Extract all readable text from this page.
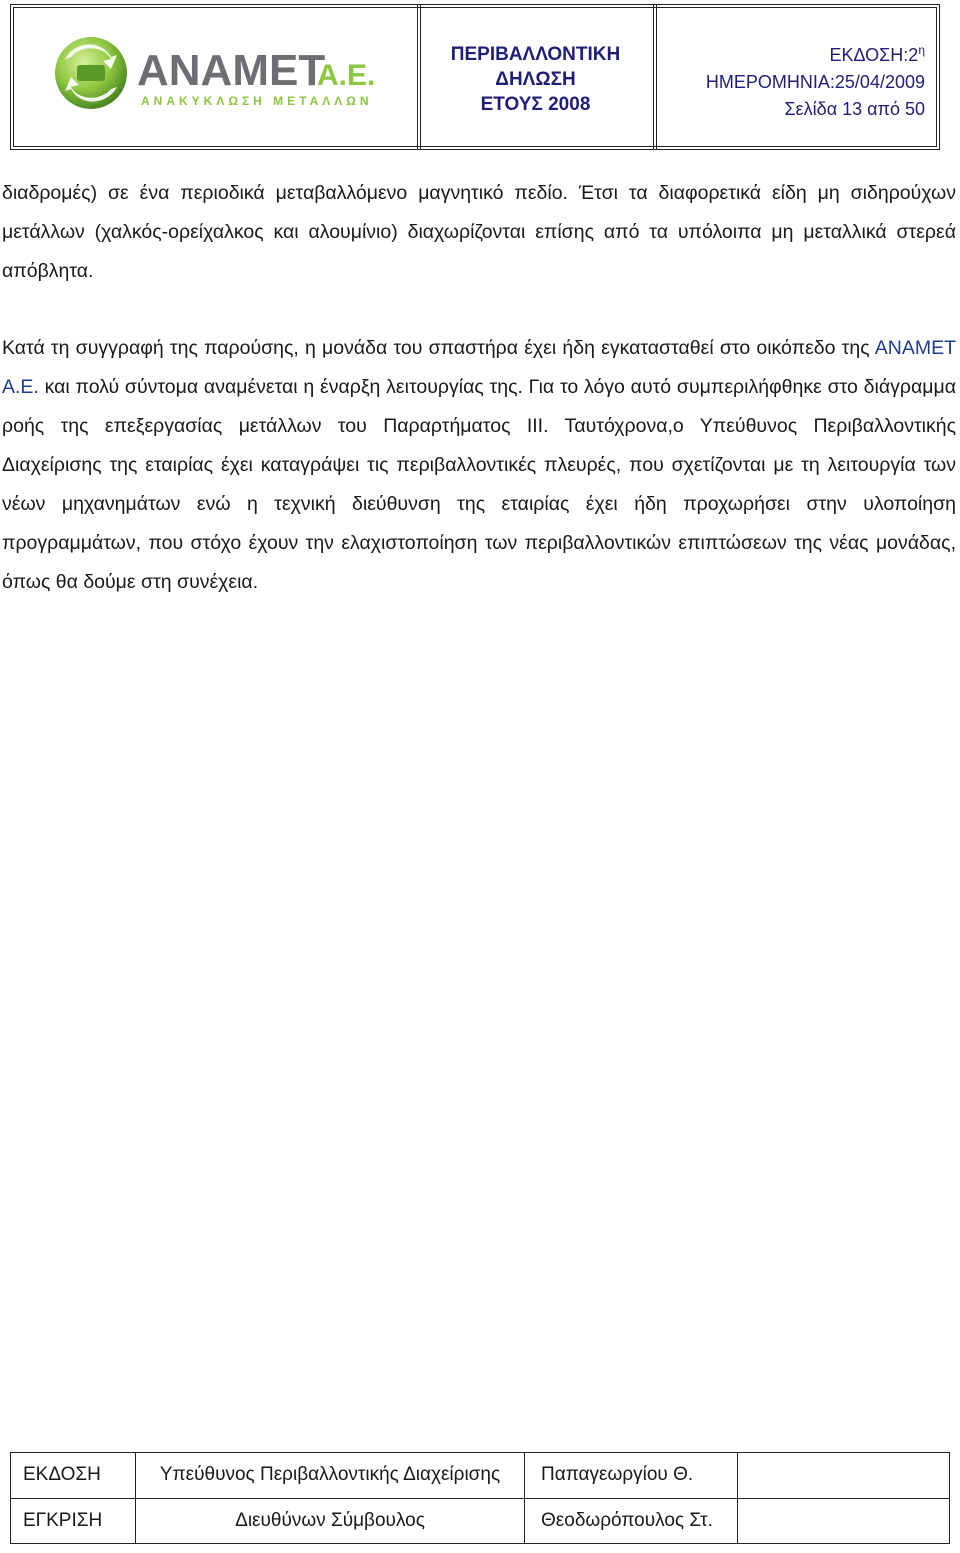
ANAMET
A.E.
ΑΝΑΚΥΚΛΩΣΗ ΜΕΤΑΛΛΩΝ
ΠΕΡΙΒΑΛΛΟΝΤΙΚΗ
ΔΗΛΩΣΗ
ΕΤΟΥΣ 2008
$EK\Delta O\Sigma H:2^\eta$
ΗΜΕΡΟΜΗΝΙΑ:25/04/2009
Σελίδα 13 από 50

διαδρομές) σε ένα περιοδικά μεταβαλλόμενο μαγνητικό πεδίο. Έτσι τα διαφορετικά είδη μη σιδηρούχων μετάλλων (χαλκός-ορείχαλκος και αλουμίνιο) διαχωρίζονται επίσης από τα υπόλοιπα μη μεταλλικά στερεά απόβλητα.

Κατά τη συγγραφή της παρούσης, η μονάδα του σπαστήρα έχει ήδη εγκατασταθεί στο οικόπεδο της ΑΝΑΜΕΤ Α.Ε. και πολύ σύντομα αναμένεται η έναρξη λειτουργίας της. Για το λόγο αυτό συμπεριλήφθηκε στο διάγραμμα ροής της επεξεργασίας μετάλλων του Παραρτήματος ΙΙΙ. Ταυτόχρονα,ο Υπεύθυνος Περιβαλλοντικής Διαχείρισης της εταιρίας έχει καταγράψει τις περιβαλλοντικές πλευρές, που σχετίζονται με τη λειτουργία των νέων μηχανημάτων ενώ η τεχνική διεύθυνση της εταιρίας έχει ήδη προχωρήσει στην υλοποίηση προγραμμάτων, που στόχο έχουν την ελαχιστοποίηση των περιβαλλοντικών επιπτώσεων της νέας μονάδας, όπως θα δούμε στη συνέχεια.

ΕΚΔΟΣΗ	Υπεύθυνος Περιβαλλοντικής Διαχείρισης	Παπαγεωργίου Θ.	
ΕΓΚΡΙΣΗ	Διευθύνων Σύμβουλος	Θεοδωρόπουλος Στ.	
